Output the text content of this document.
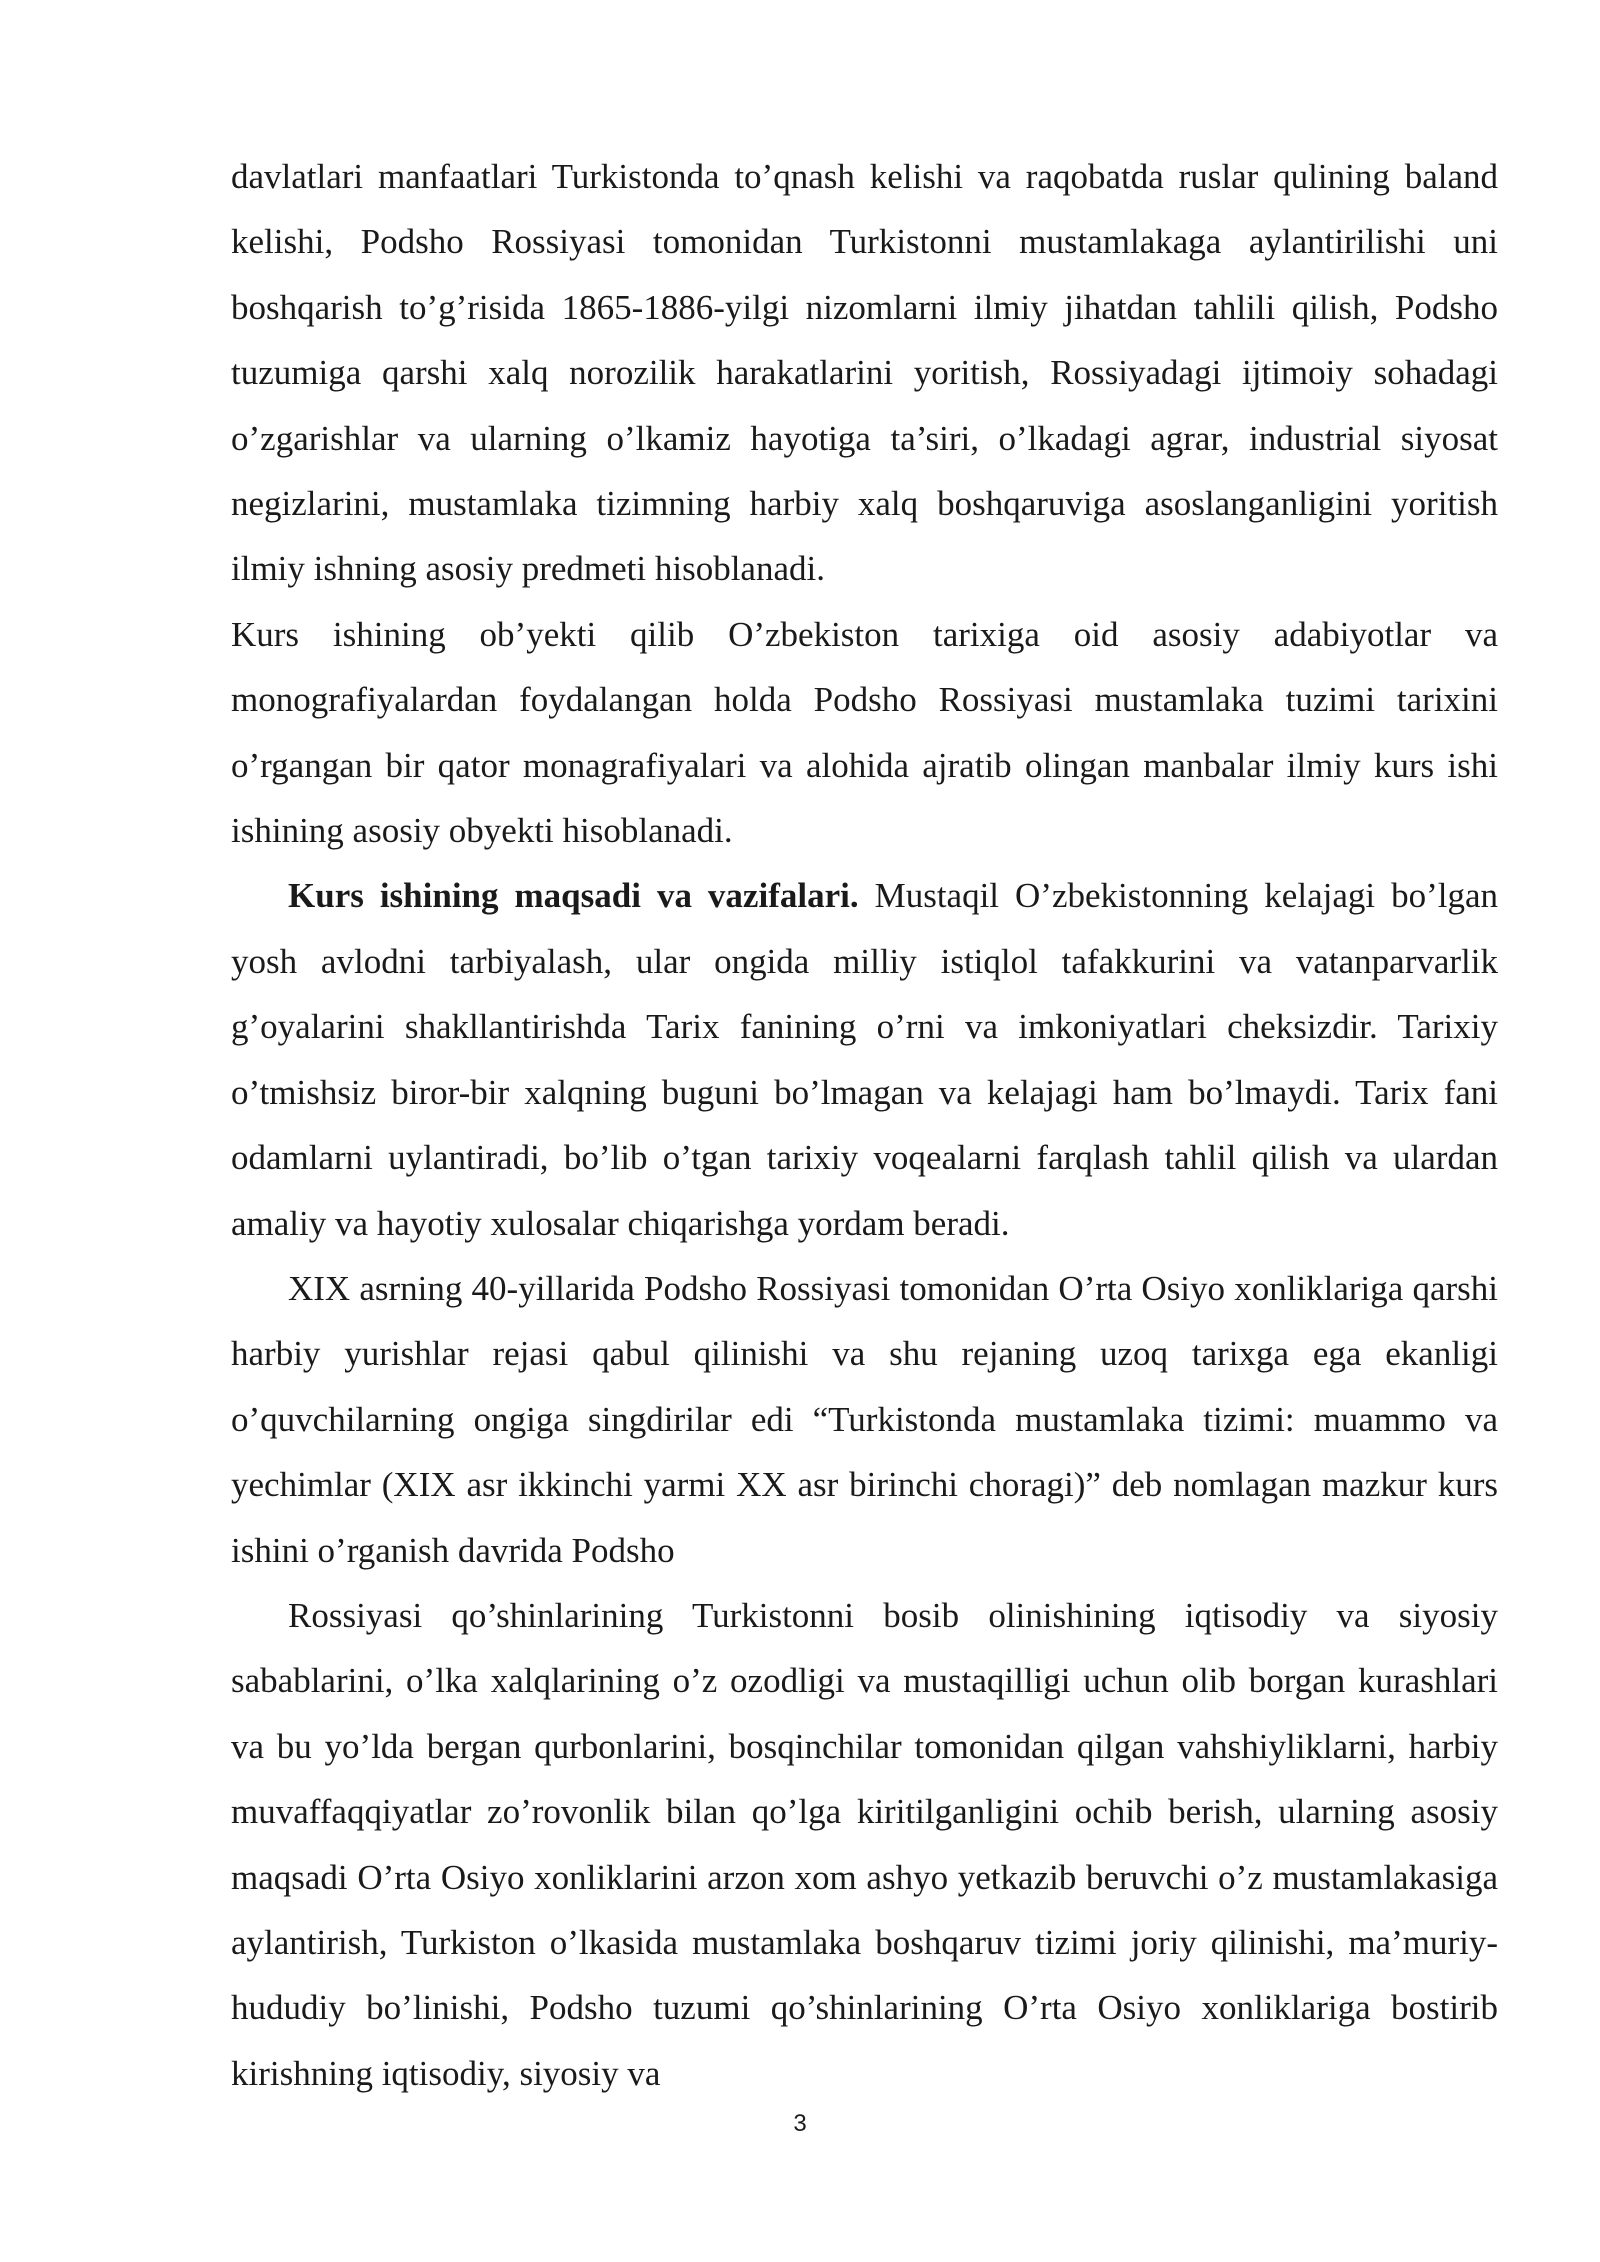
davlatlari manfaatlari Turkistonda to’qnash kelishi va raqobatda ruslar qulining baland kelishi, Podsho Rossiyasi tomonidan Turkistonni mustamlakaga aylantirilishi uni boshqarish to’g’risida 1865-1886-yilgi nizomlarni ilmiy jihatdan tahlili qilish, Podsho tuzumiga qarshi xalq norozilik harakatlarini yoritish, Rossiyadagi ijtimoiy sohadagi o’zgarishlar va ularning o’lkamiz hayotiga ta’siri, o’lkadagi agrar, industrial siyosat negizlarini, mustamlaka tizimning harbiy xalq boshqaruviga asoslanganligini yoritish ilmiy ishning asosiy predmeti hisoblanadi.

Kurs ishining ob’yekti qilib O’zbekiston tarixiga oid asosiy adabiyotlar va monografiyalardan foydalangan holda Podsho Rossiyasi mustamlaka tuzimi tarixini o’rgangan bir qator monagrafiyalari va alohida ajratib olingan manbalar ilmiy kurs ishi ishining asosiy obyekti hisoblanadi.

Kurs ishining maqsadi va vazifalari. Mustaqil O’zbekistonning kelajagi bo’lgan yosh avlodni tarbiyalash, ular ongida milliy istiqlol tafakkurini va vatanparvarlik g’oyalarini shakllantirishda Tarix fanining o’rni va imkoniyatlari cheksizdir. Tarixiy o’tmishsiz biror-bir xalqning buguni bo’lmagan va kelajagi ham bo’lmaydi. Tarix fani odamlarni uylantiradi, bo’lib o’tgan tarixiy voqealarni farqlash tahlil qilish va ulardan amaliy va hayotiy xulosalar chiqarishga yordam beradi.

XIX asrning 40-yillarida Podsho Rossiyasi tomonidan O’rta Osiyo xonliklariga qarshi harbiy yurishlar rejasi qabul qilinishi va shu rejaning uzoq tarixga ega ekanligi o’quvchilarning ongiga singdirilar edi “Turkistonda mustamlaka tizimi: muammo va yechimlar (XIX asr ikkinchi yarmi XX asr birinchi choragi)” deb nomlagan mazkur kurs ishini o’rganish davrida Podsho

Rossiyasi qo’shinlarining Turkistonni bosib olinishining iqtisodiy va siyosiy sabablarini, o’lka xalqlarining o’z ozodligi va mustaqilligi uchun olib borgan kurashlari va bu yo’lda bergan qurbonlarini, bosqinchilar tomonidan qilgan vahshiyliklarni, harbiy muvaffaqqiyatlar zo’rovonlik bilan qo’lga kiritilganligini ochib berish, ularning asosiy maqsadi O’rta Osiyo xonliklarini arzon xom ashyo yetkazib beruvchi o’z mustamlakasiga aylantirish, Turkiston o’lkasida mustamlaka boshqaruv tizimi joriy qilinishi, ma’muriy-hududiy bo’linishi, Podsho tuzumi qo’shinlarining O’rta Osiyo xonliklariga bostirib kirishning iqtisodiy, siyosiy va

3
